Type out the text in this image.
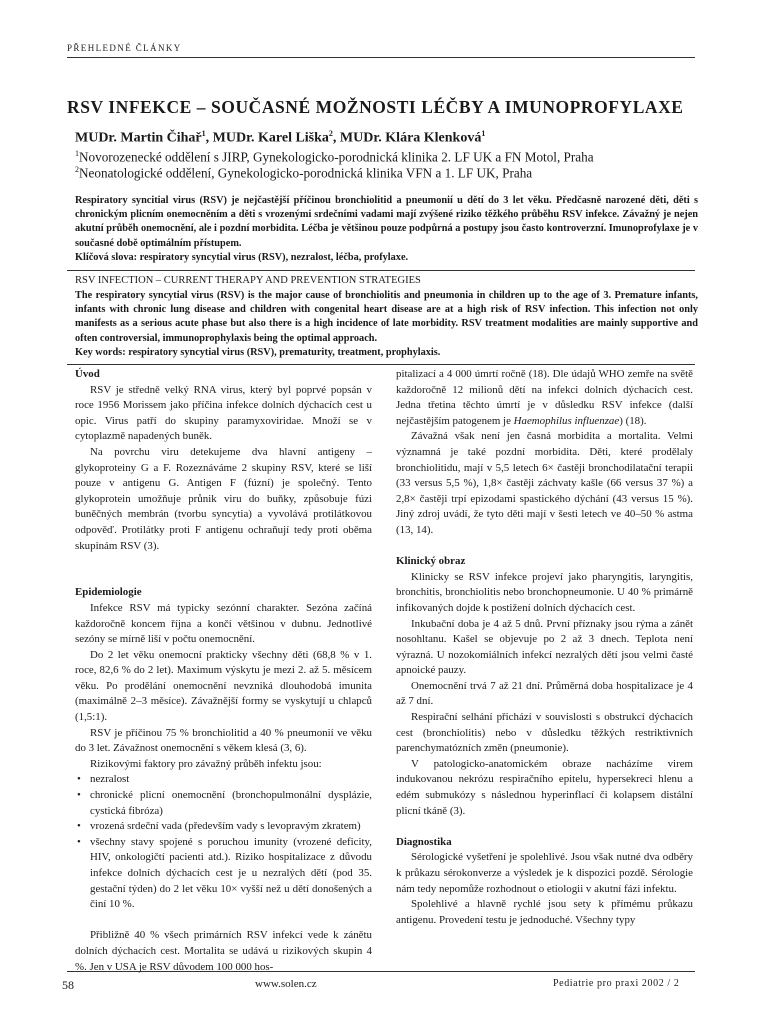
PŘEHLEDNÉ ČLÁNKY
RSV INFEKCE – SOUČASNÉ MOŽNOSTI LÉČBY A IMUNOPROFYLAXE
MUDr. Martin Čihař$^1$, MUDr. Karel Liška$^2$, MUDr. Klára Klenková$^1$
$^1$Novorozenecké oddělení s JIRP, Gynekologicko-porodnická klinika 2. LF UK a FN Motol, Praha
$^2$Neonatologické oddělení, Gynekologicko-porodnická klinika VFN a 1. LF UK, Praha

Respiratory syncitial virus (RSV) je nejčastější příčinou bronchiolitid a pneumonií u dětí do 3 let věku. Předčasně narozené děti, děti s chronickým plicním onemocněním a děti s vrozenými srdečními vadami mají zvýšené riziko těžkého průběhu RSV infekce. Závažný je nejen akutní průběh onemocnění, ale i pozdní morbidita. Léčba je většinou pouze podpůrná a postupy jsou často kontroverzní. Imunoprofylaxe je v současné době optimálním přístupem.

Klíčová slova: respiratory syncytial virus (RSV), nezralost, léčba, profylaxe.

RSV INFECTION – CURRENT THERAPY AND PREVENTION STRATEGIES

The respiratory syncytial virus (RSV) is the major cause of bronchiolitis and pneumonia in children up to the age of 3. Premature infants, infants with chronic lung disease and children with congenital heart disease are at a high risk of RSV infection. This infection not only manifests as a serious acute phase but also there is a high incidence of late morbidity. RSV treatment modalities are mainly supportive and often controversial, immunoprophylaxis being the optimal approach.

Key words: respiratory syncytial virus (RSV), prematurity, treatment, prophylaxis.

Úvod

RSV je středně velký RNA virus, který byl poprvé popsán v roce 1956 Morissem jako příčina infekce dolních dýchacích cest u opic. Virus patří do skupiny paramyxoviridae. Množí se v cytoplazmě napadených buněk.

Na povrchu viru detekujeme dva hlavní antigeny – glykoproteiny G a F. Rozeznáváme 2 skupiny RSV, které se liší pouze v antigenu G. Antigen F (fúzní) je společný. Tento glykoprotein umožňuje průnik viru do buňky, způsobuje fúzi buněčných membrán (tvorbu syncytia) a vyvolává protilátkovou odpověď. Protilátky proti F antigenu ochraňují tedy proti oběma skupinám RSV (3).

Epidemiologie

Infekce RSV má typicky sezónní charakter. Sezóna začíná každoročně koncem října a končí většinou v dubnu. Jednotlivé sezóny se mírně liší v počtu onemocnění.

Do 2 let věku onemocní prakticky všechny děti (68,8 % v 1. roce, 82,6 % do 2 let). Maximum výskytu je mezi 2. až 5. měsícem věku. Po prodělání onemocnění nevzniká dlouhodobá imunita (maximálně 2–3 měsíce). Závažnější formy se vyskytují u chlapců (1,5:1).

RSV je příčinou 75 % bronchiolitid a 40 % pneumonií ve věku do 3 let. Závažnost onemocnění s věkem klesá (3, 6).

Rizikovými faktory pro závažný průběh infektu jsou:

• nezralost
• chronické plicní onemocnění (bronchopulmonální dysplázie, cystická fibróza)
• vrozená srdeční vada (především vady s levopravým zkratem)
• všechny stavy spojené s poruchou imunity (vrozené deficity, HIV, onkologičtí pacienti atd.). Riziko hospitalizace z důvodu infekce dolních dýchacích cest je u nezralých dětí (pod 35. gestační týden) do 2 let věku 10× vyšší než u dětí donošených a činí 10 %.

Přibližně 40 % všech primárních RSV infekcí vede k zánětu dolních dýchacích cest. Mortalita se udává u rizikových skupin 4 %. Jen v USA je RSV důvodem 100 000 hos-

pitalizací a 4 000 úmrtí ročně (18). Dle údajů WHO zemře na světě každoročně 12 milionů dětí na infekci dolních dýchacích cest. Jedna třetina těchto úmrtí je v důsledku RSV infekce (další nejčastějším patogenem je Haemophilus influenzae) (18).

Závažná však není jen časná morbidita a mortalita. Velmi významná je také pozdní morbidita. Děti, které prodělaly bronchiolitidu, mají v 5,5 letech 6× častěji bronchodilatační terapii (33 versus 5,5 %), 1,8× častěji záchvaty kašle (66 versus 37 %) a 2,8× častěji trpí epizodami spastického dýchání (43 versus 15 %). Jiný zdroj uvádí, že tyto děti mají v šesti letech ve 40–50 % astma (13, 14).

Klinický obraz

Klinicky se RSV infekce projeví jako pharyngitis, laryngitis, bronchitis, bronchiolitis nebo bronchopneumonie. U 40 % primárně infikovaných dojde k postižení dolních dýchacích cest.

Inkubační doba je 4 až 5 dnů. První příznaky jsou rýma a zánět nosohltanu. Kašel se objevuje po 2 až 3 dnech. Teplota není výrazná. U nozokomiálních infekcí nezralých dětí jsou velmi časté apnoické pauzy.

Onemocnění trvá 7 až 21 dní. Průměrná doba hospitalizace je 4 až 7 dní.

Respirační selhání přichází v souvislosti s obstrukcí dýchacích cest (bronchiolitis) nebo v důsledku těžkých restriktivních parenchymatózních změn (pneumonie).

V patologicko-anatomickém obraze nacházíme virem indukovanou nekrózu respiračního epitelu, hypersekreci hlenu a edém submukózy s následnou hyperinflací či kolapsem distální plicní tkáně (3).

Diagnostika

Sérologické vyšetření je spolehlivé. Jsou však nutné dva odběry k průkazu sérokonverze a výsledek je k dispozici pozdě. Sérologie nám tedy nepomůže rozhodnout o etiologii v akutní fázi infektu.

Spolehlivé a hlavně rychlé jsou sety k přímému průkazu antigenu. Provedení testu je jednoduché. Všechny typy

58	www.solen.cz	Pediatrie pro praxi 2002 / 2
